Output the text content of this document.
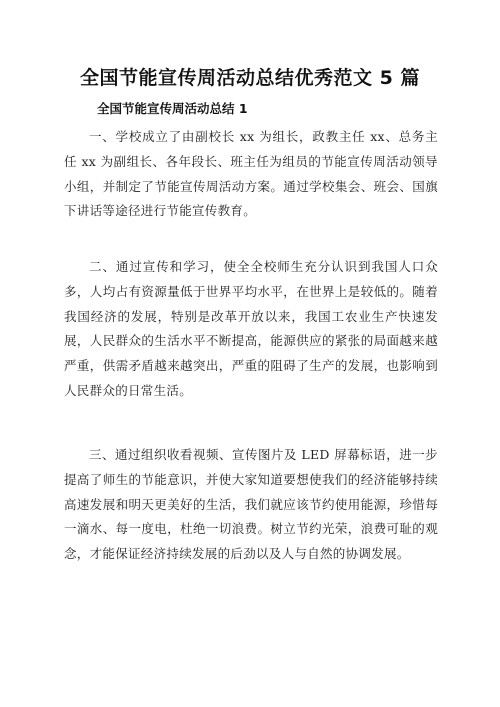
全国节能宣传周活动总结优秀范文 5 篇
全国节能宣传周活动总结 1

一、学校成立了由副校长 xx 为组长，政教主任 xx、总务主任 xx 为副组长、各年段长、班主任为组员的节能宣传周活动领导小组，并制定了节能宣传周活动方案。通过学校集会、班会、国旗下讲话等途径进行节能宣传教育。

二、通过宣传和学习，使全全校师生充分认识到我国人口众多，人均占有资源量低于世界平均水平，在世界上是较低的。随着我国经济的发展，特别是改革开放以来，我国工农业生产快速发展，人民群众的生活水平不断提高，能源供应的紧张的局面越来越严重，供需矛盾越来越突出，严重的阻碍了生产的发展，也影响到人民群众的日常生活。

三、通过组织收看视频、宣传图片及 LED 屏幕标语，进一步提高了师生的节能意识，并使大家知道要想使我们的经济能够持续高速发展和明天更美好的生活，我们就应该节约使用能源，珍惜每一滴水、每一度电，杜绝一切浪费。树立节约光荣，浪费可耻的观念，才能保证经济持续发展的后劲以及人与自然的协调发展。
